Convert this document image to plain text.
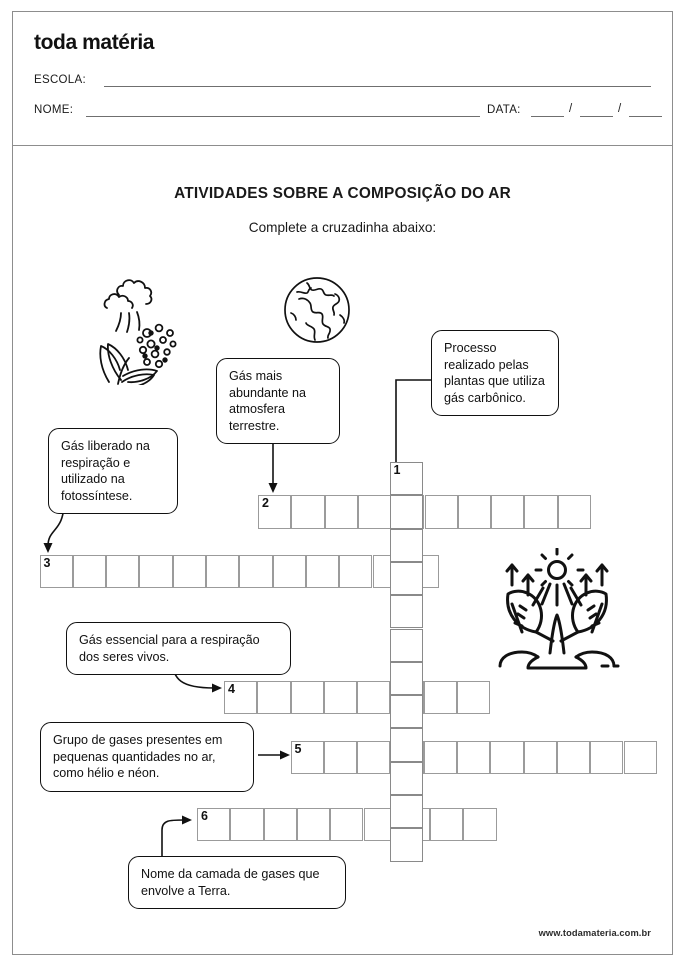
toda matéria
ESCOLA:
NOME:	DATA:	/	/
ATIVIDADES SOBRE A COMPOSIÇÃO DO AR
Complete a cruzadinha abaixo:
Gás liberado na respiração e utilizado na fotossíntese.
Gás mais abundante na atmosfera terrestre.
Processo realizado pelas plantas que utiliza gás carbônico.
Gás essencial para a respiração dos seres vivos.
Grupo de gases presentes em pequenas quantidades no ar, como hélio e néon.
Nome da camada de gases que envolve a Terra.
1
2
3
4
5
6
www.todamateria.com.br
